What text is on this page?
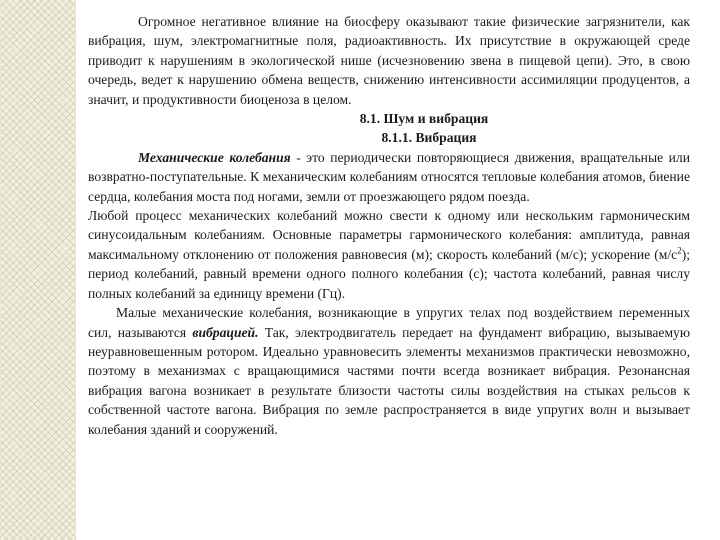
Огромное негативное влияние на биосферу оказывают такие физические загрязнители, как вибрация, шум, электромагнитные поля, радиоактивность. Их присутствие в окружающей среде приводит к нарушениям в экологической нише (исчезновению звена в пищевой цепи). Это, в свою очередь, ведет к нарушению обмена веществ, снижению интенсивности ассимиляции продуцентов, а значит, и продуктивности биоценоза в целом.

8.1. Шум и вибрация

8.1.1. Вибрация

Механические колебания - это периодически повторяющиеся движения, вращательные или возвратно-поступательные. К механическим колебаниям относятся тепловые колебания атомов, биение сердца, колебания моста под ногами, земли от проезжающего рядом поезда.

Любой процесс механических колебаний можно свести к одному или нескольким гармоническим синусоидальным колебаниям. Основные параметры гармонического колебания: амплитуда, равная максимальному отклонению от положения равновесия (м); скорость колебаний (м/с); ускорение $(м/с^2)$; период колебаний, равный времени одного полного колебания (с); частота колебаний, равная числу полных колебаний за единицу времени (Гц).

Малые механические колебания, возникающие в упругих телах под воздействием переменных сил, называются вибрацией. Так, электродвигатель передает на фундамент вибрацию, вызываемую неуравновешенным ротором. Идеально уравновесить элементы механизмов практически невозможно, поэтому в механизмах с вращающимися частями почти всегда возникает вибрация. Резонансная вибрация вагона возникает в результате близости частоты силы воздействия на стыках рельсов к собственной частоте вагона. Вибрация по земле распространяется в виде упругих волн и вызывает колебания зданий и сооружений.
